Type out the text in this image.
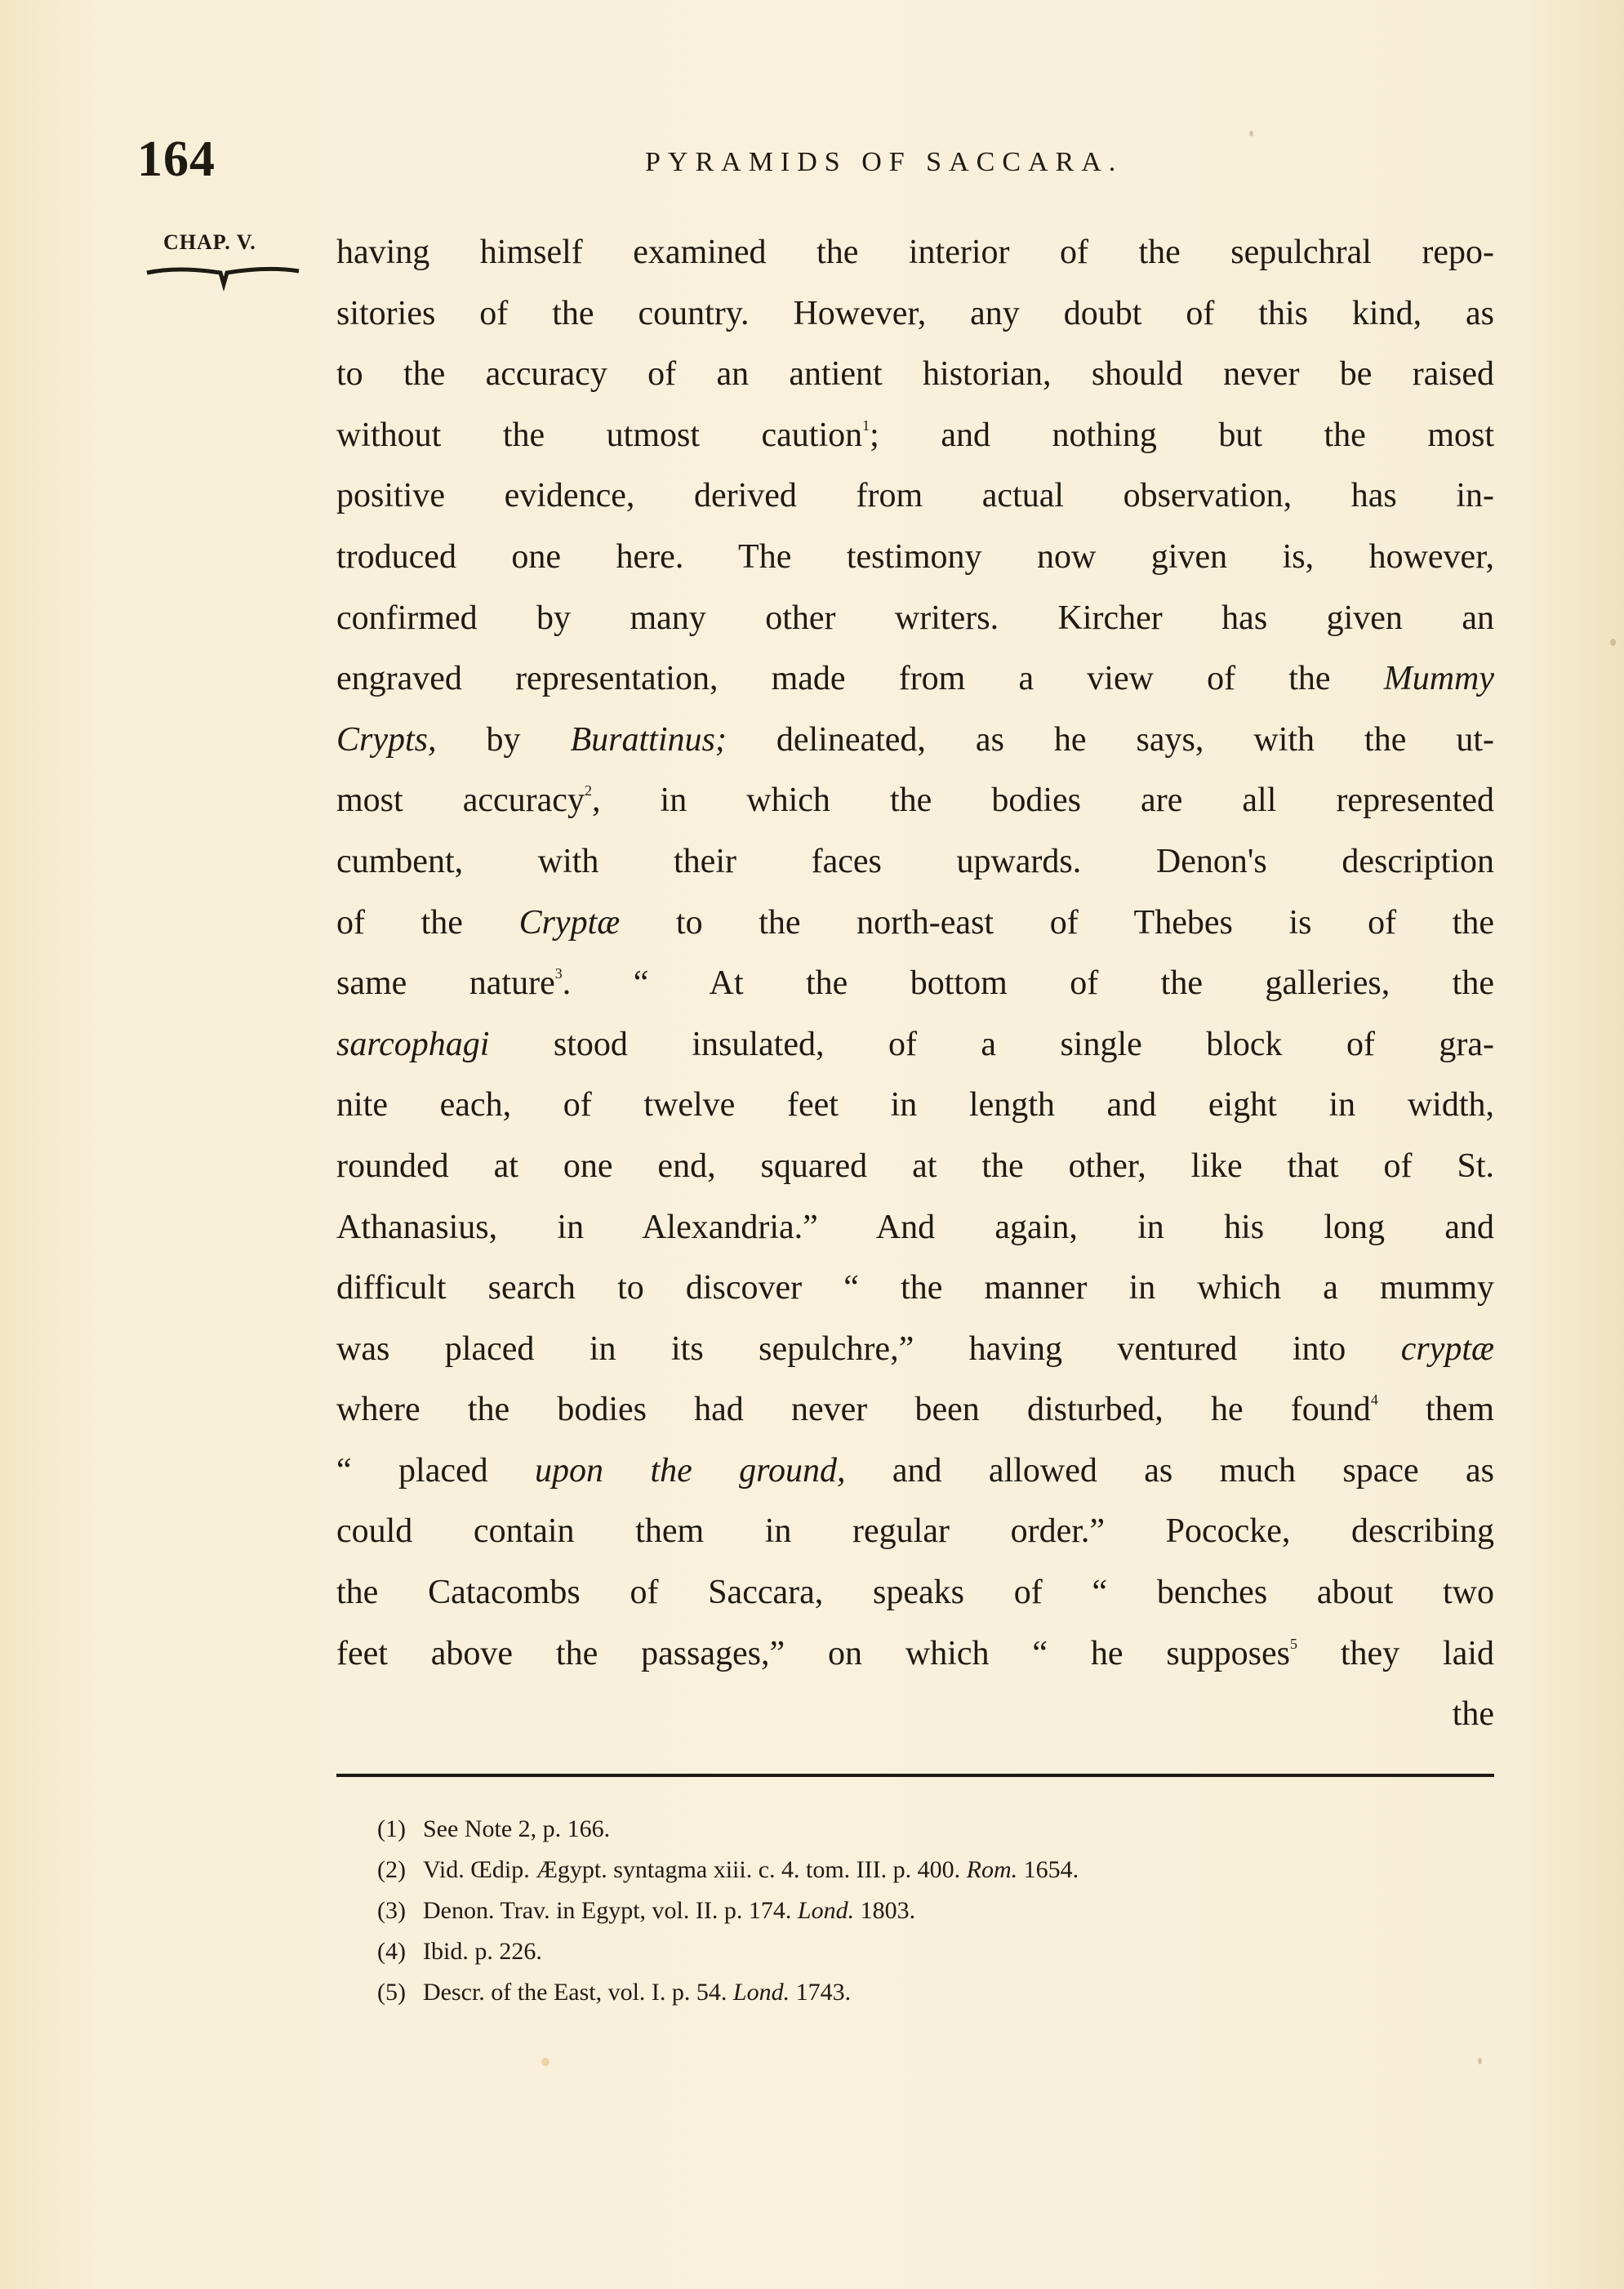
164	PYRAMIDS OF SACCARA.
CHAP. V. having himself examined the interior of the sepulchral repo-
sitories of the country. However, any doubt of this kind, as
to the accuracy of an antient historian, should never be raised
without the utmost caution$^1$; and nothing but the most
positive evidence, derived from actual observation, has in-
troduced one here. The testimony now given is, however,
confirmed by many other writers. Kircher has given an
engraved representation, made from a view of the Mummy
Crypts, by Burattinus; delineated, as he says, with the ut-
most accuracy$^2$, in which the bodies are all represented
cumbent, with their faces upwards. Denon's description
of the Cryptæ to the north-east of Thebes is of the
same nature$^3$. “ At the bottom of the galleries, the
sarcophagi stood insulated, of a single block of gra-
nite each, of twelve feet in length and eight in width,
rounded at one end, squared at the other, like that of St.
Athanasius, in Alexandria.” And again, in his long and
difficult search to discover “ the manner in which a mummy
was placed in its sepulchre,” having ventured into cryptæ
where the bodies had never been disturbed, he found$^4$ them
“ placed upon the ground, and allowed as much space as
could contain them in regular order.” Pococke, describing
the Catacombs of Saccara, speaks of “ benches about two
feet above the passages,” on which “ he supposes$^5$ they laid
the
(1) See Note 2, p. 166.
(2) Vid. Œdip. Ægypt. syntagma xiii. c. 4. tom. III. p. 400. Rom. 1654.
(3) Denon. Trav. in Egypt, vol. II. p. 174. Lond. 1803.
(4) Ibid. p. 226.
(5) Descr. of the East, vol. I. p. 54. Lond. 1743.
